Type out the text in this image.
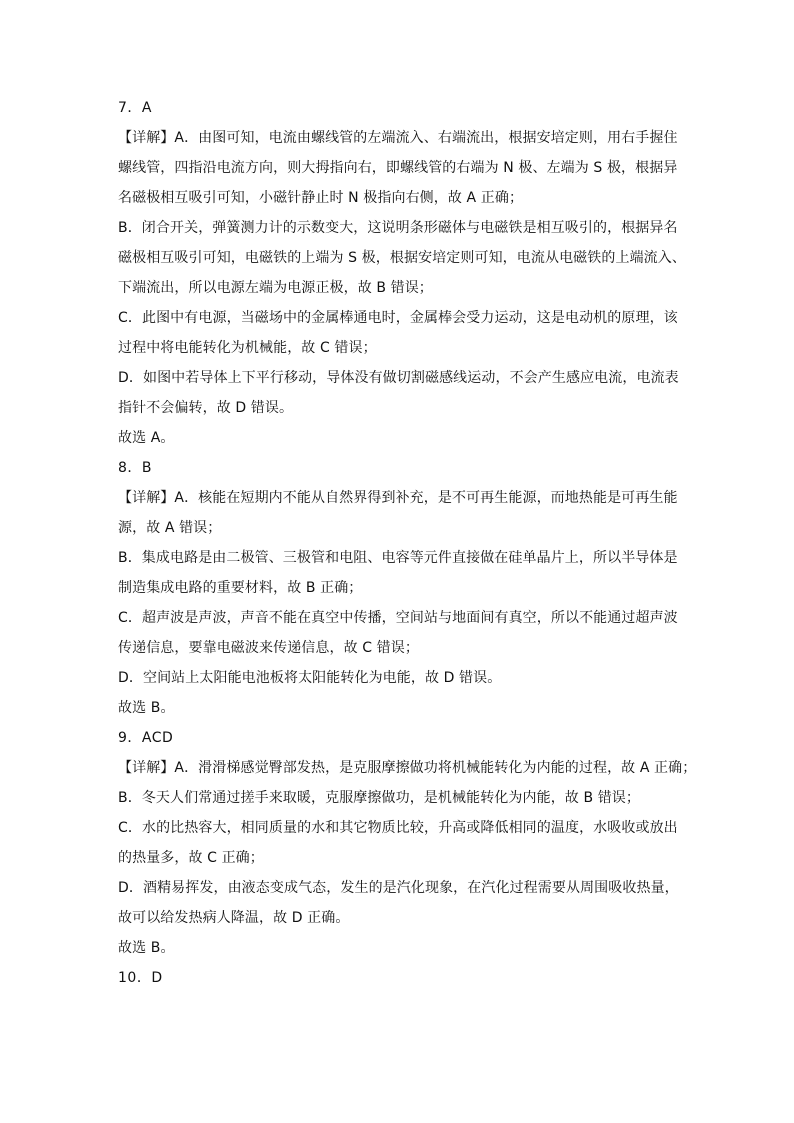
7．A
【详解】A．由图可知，电流由螺线管的左端流入、右端流出，根据安培定则，用右手握住
螺线管，四指沿电流方向，则大拇指向右，即螺线管的右端为 N 极、左端为 S 极，根据异
名磁极相互吸引可知，小磁针静止时 N 极指向右侧，故 A 正确；
B．闭合开关，弹簧测力计的示数变大，这说明条形磁体与电磁铁是相互吸引的，根据异名
磁极相互吸引可知，电磁铁的上端为 S 极，根据安培定则可知，电流从电磁铁的上端流入、
下端流出，所以电源左端为电源正极，故 B 错误；
C．此图中有电源，当磁场中的金属棒通电时，金属棒会受力运动，这是电动机的原理，该
过程中将电能转化为机械能，故 C 错误；
D．如图中若导体上下平行移动，导体没有做切割磁感线运动，不会产生感应电流，电流表
指针不会偏转，故 D 错误。
故选 A。
8．B
【详解】A．核能在短期内不能从自然界得到补充，是不可再生能源，而地热能是可再生能
源，故 A 错误；
B．集成电路是由二极管、三极管和电阻、电容等元件直接做在硅单晶片上，所以半导体是
制造集成电路的重要材料，故 B 正确；
C．超声波是声波，声音不能在真空中传播，空间站与地面间有真空，所以不能通过超声波
传递信息，要靠电磁波来传递信息，故 C 错误；
D．空间站上太阳能电池板将太阳能转化为电能，故 D 错误。
故选 B。
9．ACD
【详解】A．滑滑梯感觉臀部发热，是克服摩擦做功将机械能转化为内能的过程，故 A 正确；
B．冬天人们常通过搓手来取暖，克服摩擦做功，是机械能转化为内能，故 B 错误；
C．水的比热容大，相同质量的水和其它物质比较，升高或降低相同的温度，水吸收或放出
的热量多，故 C 正确；
D．酒精易挥发，由液态变成气态，发生的是汽化现象，在汽化过程需要从周围吸收热量，
故可以给发热病人降温，故 D 正确。
故选 B。
10．D
